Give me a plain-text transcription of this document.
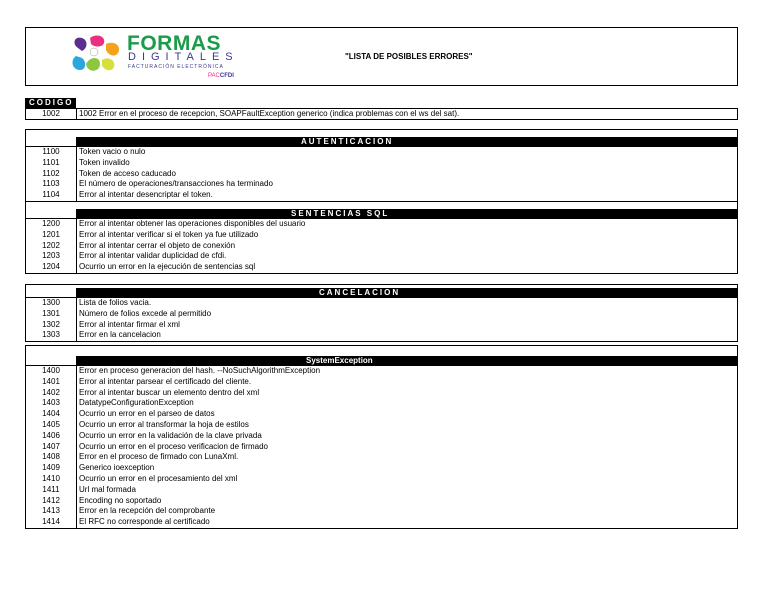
FORMAS
DIGITALES
FACTURACIÓN ELECTRÓNICA
PACCFDI
"LISTA DE POSIBLES ERRORES"
CODIGO
1002	1002 Error en el proceso de recepcion, SOAPFaultException generico (indica problemas con el ws del sat).
AUTENTICACION
1100	Token vacio o nulo
1101	Token invalido
1102	Token de acceso caducado
1103	El número de operaciones/transacciones ha terminado
1104	Error al intentar desencriptar el token.
SENTENCIAS SQL
1200	Error al intentar obtener las operaciones disponibles del usuario
1201	Error al intentar verificar si el token ya fue utilizado
1202	Error al intentar cerrar el objeto de conexión
1203	Error al intentar validar duplicidad de cfdi.
1204	Ocurrio un error en la ejecución de sentencias sql
CANCELACION
1300	Lista de folios vacia.
1301	Número de folios excede al permitido
1302	Error al intentar firmar el xml
1303	Error en la cancelacion
SystemException
1400	Error en proceso generacion del hash. --NoSuchAlgorithmException
1401	Error al intentar parsear el certificado del cliente.
1402	Error al intentar buscar un elemento dentro del xml
1403	DatatypeConfigurationException
1404	Ocurrio un error en el parseo de datos
1405	Ocurrio un error al transformar la hoja de estilos
1406	Ocurrio un error en la validación de la clave privada
1407	Ocurrio un error en el proceso verificacion de firmado
1408	Error en el proceso de firmado con LunaXml.
1409	Generico ioexception
1410	Ocurrio un error en el procesamiento del xml
1411	Url mal formada
1412	Encoding no soportado
1413	Error en la recepción del comprobante
1414	El RFC no corresponde al certificado
